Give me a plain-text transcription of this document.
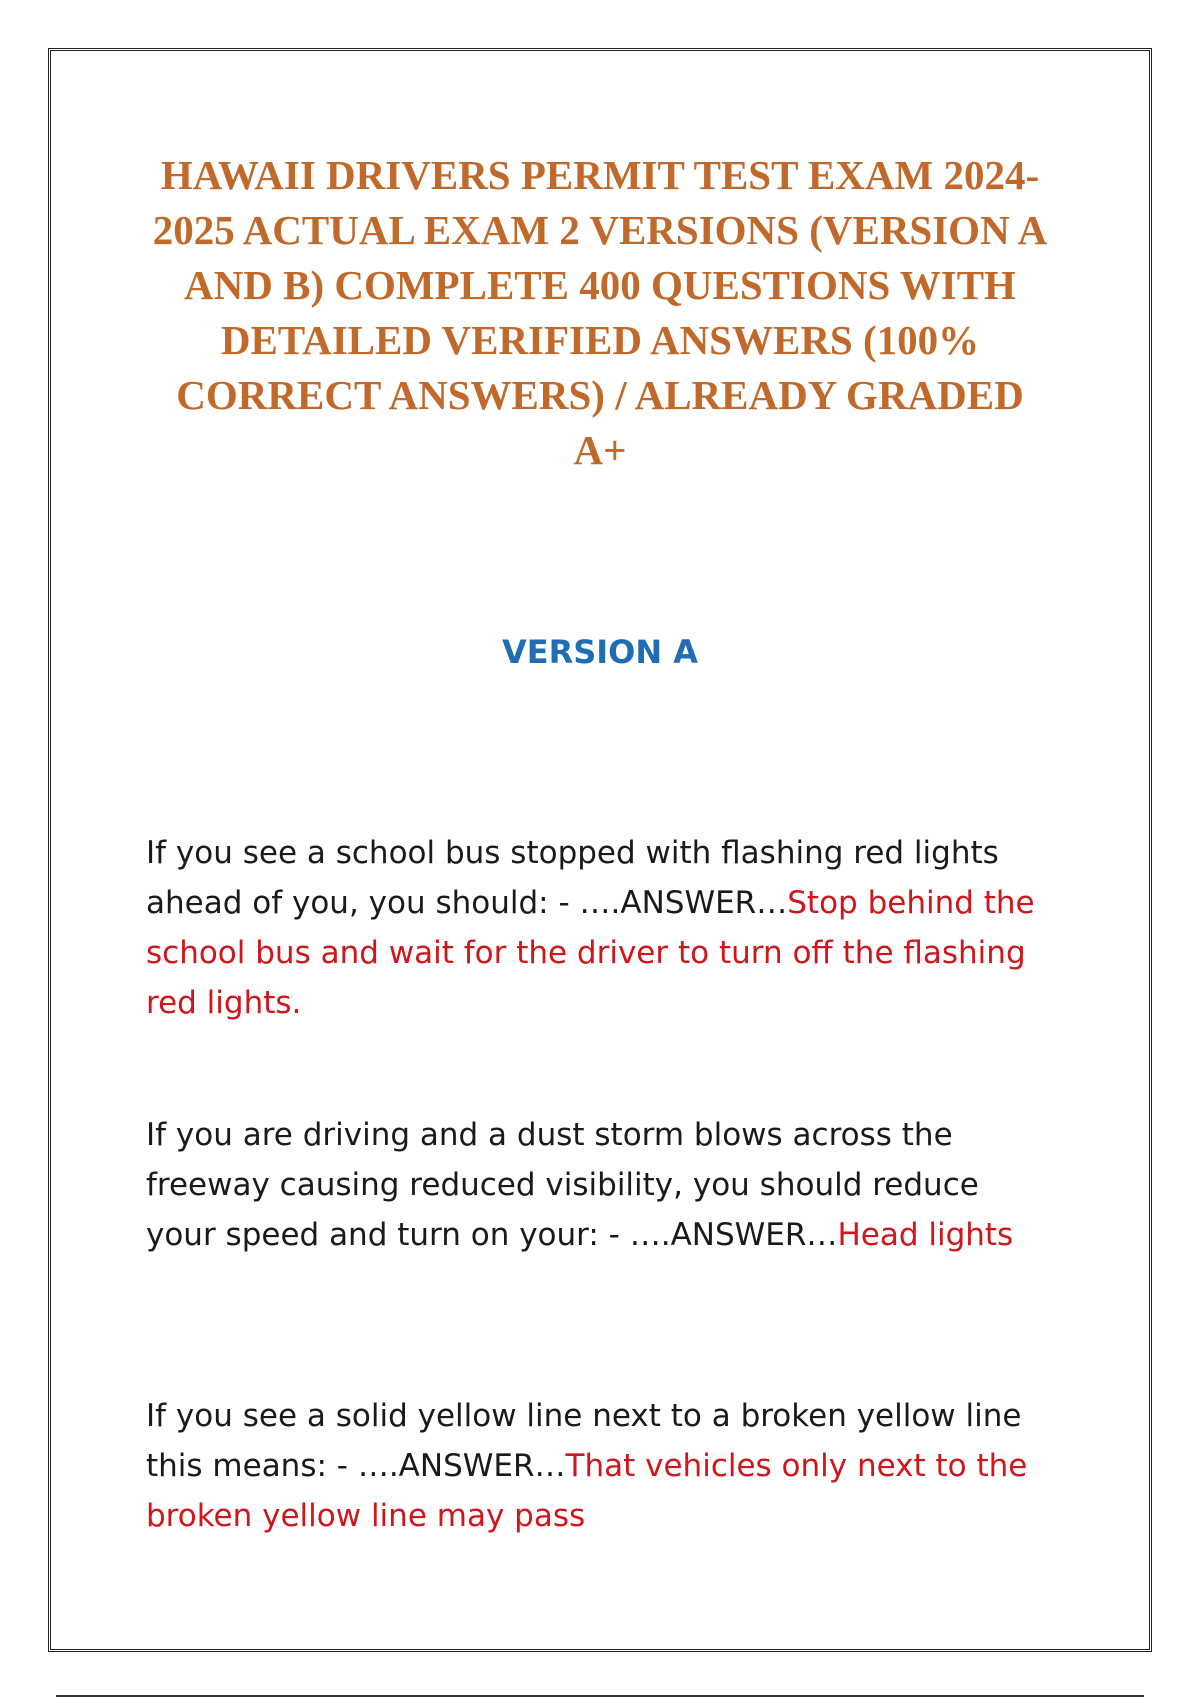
HAWAII DRIVERS PERMIT TEST EXAM 2024-2025 ACTUAL EXAM 2 VERSIONS (VERSION A AND B) COMPLETE 400 QUESTIONS WITH DETAILED VERIFIED ANSWERS (100% CORRECT ANSWERS) / ALREADY GRADED A+
VERSION A

If you see a school bus stopped with flashing red lights ahead of you, you should: - ….ANSWER…Stop behind the school bus and wait for the driver to turn off the flashing red lights.

If you are driving and a dust storm blows across the freeway causing reduced visibility, you should reduce your speed and turn on your: - ….ANSWER…Head lights

If you see a solid yellow line next to a broken yellow line this means: - ….ANSWER…That vehicles only next to the broken yellow line may pass
